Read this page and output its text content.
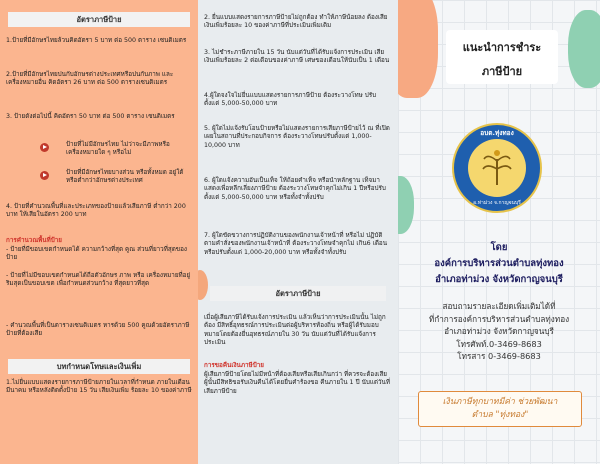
อัตราภาษีป้าย
1.ป้ายที่มีอักษรไทยล้วนคิดอัตรา 5 บาท ต่อ 500 ตาราง เซนติเมตร
2.ป้ายที่มีอักษรไทยปนกับอักษรต่างประเทศหรือปนกับภาพ และเครื่องหมายอื่น คิดอัตรา 26 บาท ต่อ 500 ตารางเซนติเมตร
3. ป้ายดังต่อไปนี้ คิดอัตรา 50 บาท ต่อ 500 ตาราง เซนติเมตร
ป้ายที่ไม่มีอักษรไทย ไม่ว่าจะมีภาพหรือ เครื่องหมายใด ๆ หรือไม่
ป้ายที่มีอักษรไทยบางส่วน หรือทั้งหมด อยู่ใต้หรือต่ำกว่าอักษรต่างประเทศ
4. ป้ายที่คำนวณพื้นที่และประเภทของป้ายแล้วเสียภาษี ต่ำกว่า 200 บาท ให้เสียในอัตรา 200 บาท
การคำนวณพื้นที่ป้าย
- ป้ายที่มีขอบเขตกำหนดได้ ความกว้างที่สุด คูณ ส่วนที่ยาวที่สุดของป้าย
- ป้ายที่ไม่มีขอบเขตกำหนดได้ถือตัวอักษร ภาพ หรือ เครื่องหมายที่อยู่ริมสุดเป็นขอบเขต เพื่อกำหนดส่วนกว้าง ที่สุดยาวที่สุด
- คำนวณพื้นที่เป็นตารางเซนติเมตร หารด้วย 500 คูณด้วยอัตราภาษีป้ายที่ต้องเสีย
บทกำหนดโทษและเงินเพิ่ม
1.ไม่ยื่นแบบแสดงรายการภาษีป้ายภายในเวลาที่กำหนด ภายในเดือนมีนาคม หรือหลังติดตั้งป้าย 15 วัน เสียเงินเพิ่ม ร้อยละ 10 ของค่าภาษี
2. ยื่นแบบแสดงรายการภาษีป้ายไม่ถูกต้อง ทำให้ภาษีน้อยลง ต้องเสียเงินเพิ่มร้อยละ 10 ของค่าภาษีที่ประเมินเพิ่มเติม
3. ไม่ชำระภาษีภายใน 15 วัน นับแต่วันที่ได้รับแจ้งการประเมิน เสียเงินเพิ่มร้อยละ 2 ต่อเดือนของค่าภาษี เศษของเดือนให้นับเป็น 1 เดือน
4.ผู้ใดจงใจไม่ยื่นแบบแสดงรายการภาษีป้าย ต้องระวางโทษ ปรับตั้งแต่ 5,000-50,000 บาท
5. ผู้ใดไม่แจ้งรับโอนป้ายหรือไม่แสดงรายการเสียภาษีป้ายไว้ ณ ที่เปิดเผยในสถานที่ประกอบกิจการ ต้องระวางโทษปรับตั้งแต่ 1,000-10,000 บาท
6. ผู้ใดแจ้งความอันเป็นเท็จ ให้ถ้อยคำเท็จ หรือนำหลักฐาน เท็จมาแสดงเพื่อหลีกเลี่ยงภาษีป้าย ต้องระวางโทษจำคุกไม่เกิน 1 ปีหรือปรับตั้งแต่ 5,000-50,000 บาท หรือทั้งจำทั้งปรับ
7. ผู้ใดขัดขวางการปฏิบัติงานของพนักงานเจ้าหน้าที่ หรือไม่ ปฏิบัติตามคำสั่งของพนักงานเจ้าหน้าที่ ต้องระวางโทษจำคุกไม่ เกิน6 เดือน หรือปรับตั้งแต่ 1,000-20,000 บาท หรือทั้งจำทั้งปรับ
อัตราภาษีป้าย
เมื่อผู้เสียภาษีได้รับแจ้งการประเมิน แล้วเห็นว่าการประเมินนั้น ไม่ถูกต้อง มีสิทธิ์อุทธรณ์การประเมินต่อผู้บริหารท้องถิ่น หรือผู้ได้รับมอบหมายโดยต้องยื่นอุทธรณ์ภายใน 30 วัน นับแต่วันที่ได้รับแจ้งการประเมิน
การขอคืนเงินภาษีป้าย
ผู้เสียภาษีป้ายโดยไม่มีหน้าที่ต้องเสียหรือเสียเกินกว่า ที่ควรจะต้องเสีย ผู้นั้นมีสิทธิขอรับเงินคืนได้โดยยื่นคำร้องขอ คืนภายใน 1 ปี นับแต่วันที่เสียภาษีป้าย
แนะนำการชำระ
ภาษีป้าย
อบต.ทุ่งทอง
อ.ท่าม่วง จ.กาญจนบุรี
โดย
องค์การบริหารส่วนตำบลทุ่งทอง
อำเภอท่าม่วง จังหวัดกาญจนบุรี
สอบถามรายละเอียดเพิ่มเติมได้ที่
ที่กำการองค์การบริหารส่วนตำบลทุ่งทอง
อำเภอท่าม่วง จังหวัดกาญจนบุรี
โทรศัพท์.0-3469-8683
โทรสาร 0-3469-8683
เงินภาษีทุกบาทมีค่า ช่วยพัฒนา
ตำบล "ทุ่งทอง"
